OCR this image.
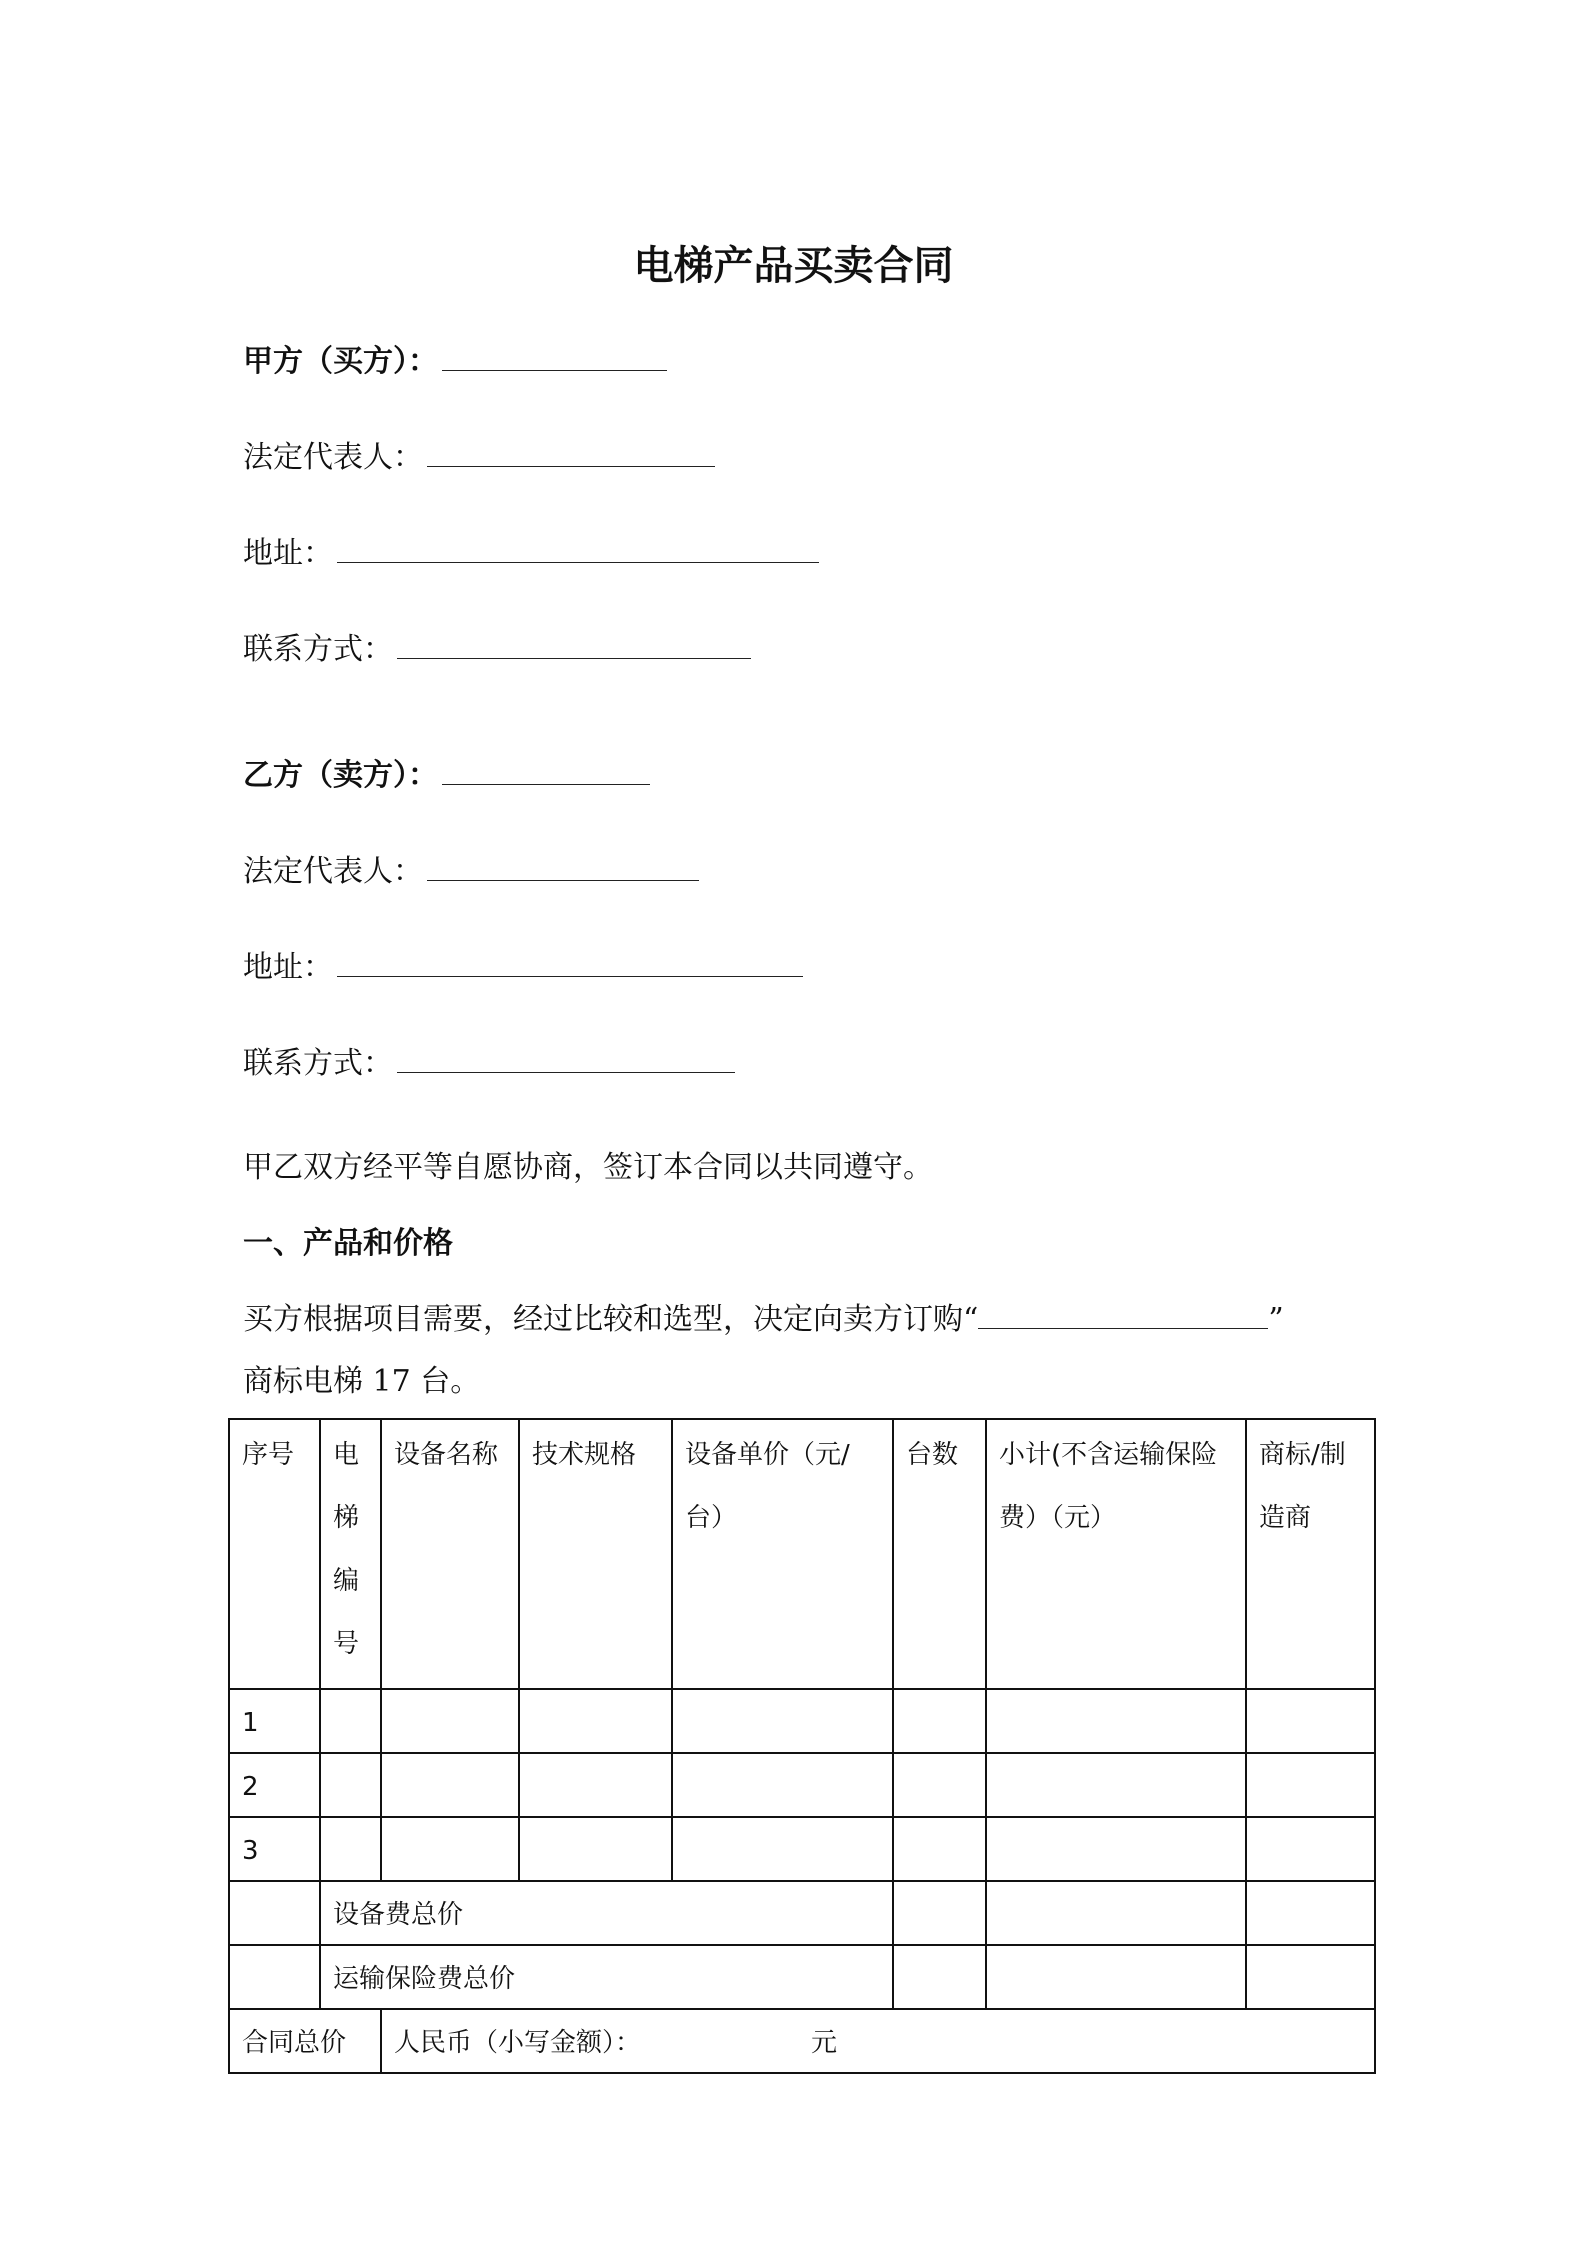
电梯产品买卖合同
甲方（买方）：
法定代表人：
地址：
联系方式：
乙方（卖方）：
法定代表人：
地址：
联系方式：
甲乙双方经平等自愿协商，签订本合同以共同遵守。
一、产品和价格
买方根据项目需要，经过比较和选型，决定向卖方订购“	”
商标电梯 17 台。
序号	电梯编号	设备名称	技术规格	设备单价（元/台）	台数	小计(不含运输保险费）（元）	商标/制造商
1							
2							
3							
	设备费总价						
	运输保险费总价						
合同总价		人民币（小写金额）： 元					
